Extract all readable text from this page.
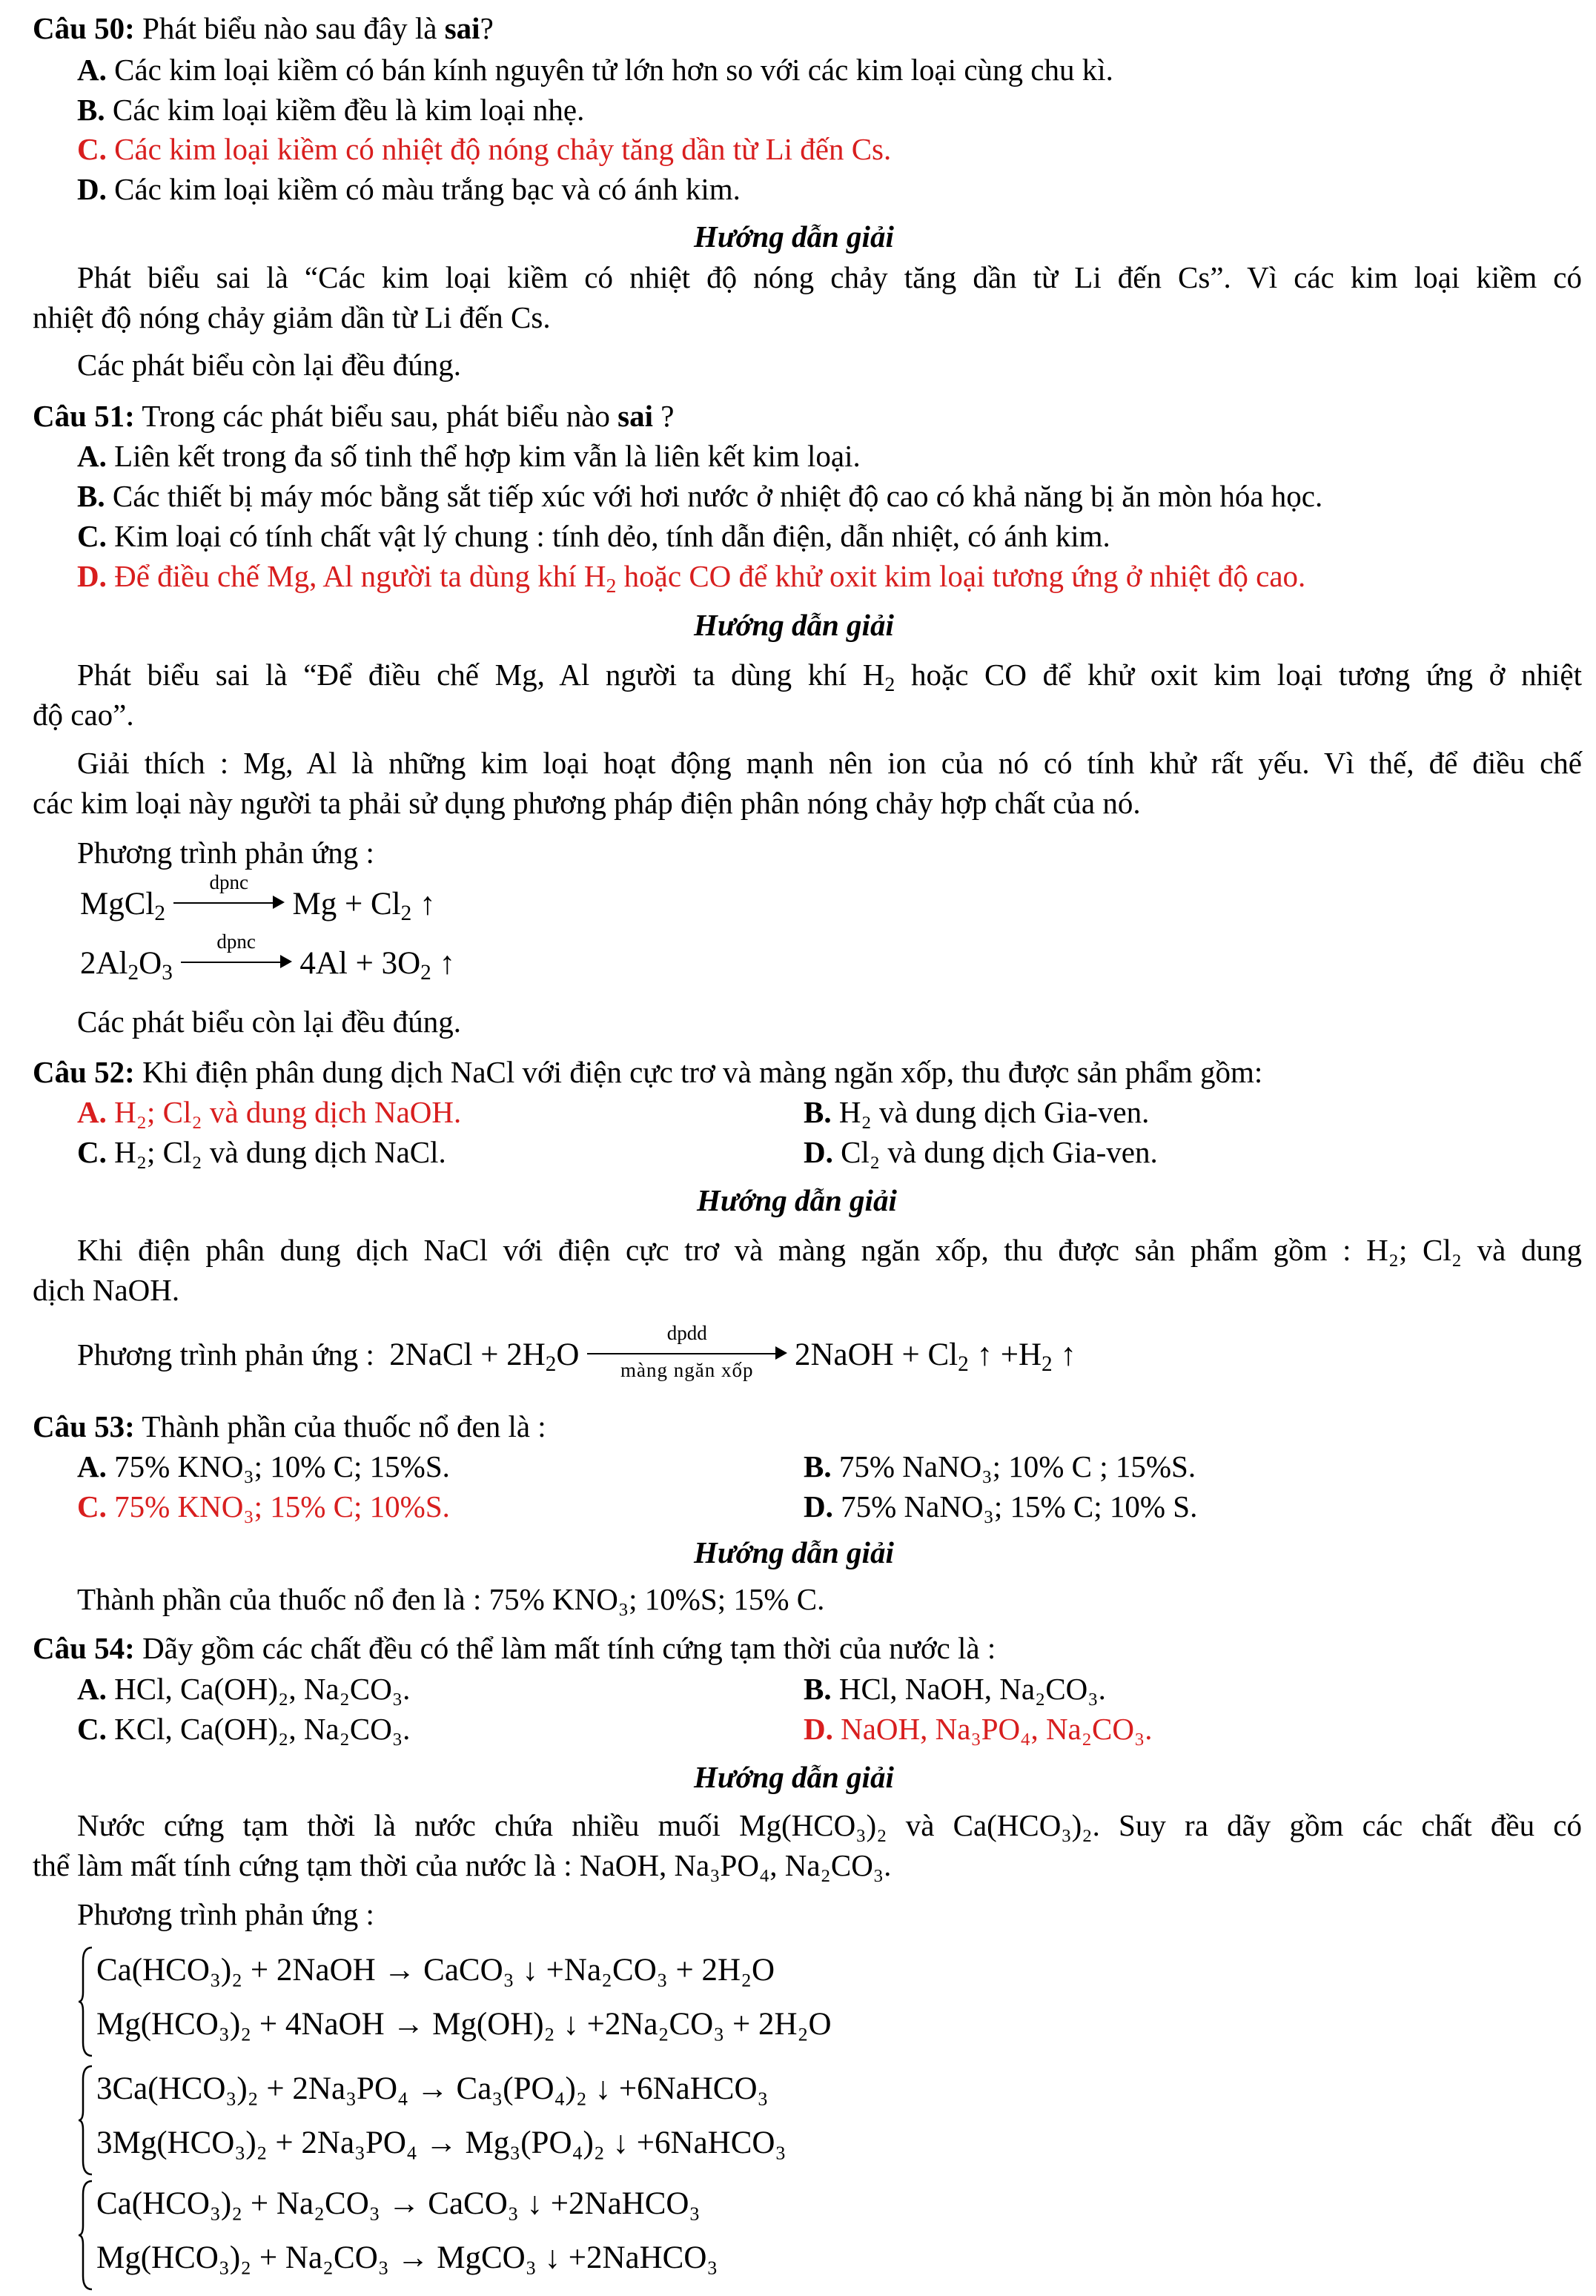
Câu 50: Phát biểu nào sau đây là sai?
A. Các kim loại kiềm có bán kính nguyên tử lớn hơn so với các kim loại cùng chu kì.
B. Các kim loại kiềm đều là kim loại nhẹ.
C. Các kim loại kiềm có nhiệt độ nóng chảy tăng dần từ Li đến Cs.
D. Các kim loại kiềm có màu trắng bạc và có ánh kim.
Hướng dẫn giải
Phát biểu sai là “Các kim loại kiềm có nhiệt độ nóng chảy tăng dần từ Li đến Cs”. Vì các kim loại kiềm có
nhiệt độ nóng chảy giảm dần từ Li đến Cs.
Các phát biểu còn lại đều đúng.
Câu 51: Trong các phát biểu sau, phát biểu nào sai ?
A. Liên kết trong đa số tinh thể hợp kim vẫn là liên kết kim loại.
B. Các thiết bị máy móc bằng sắt tiếp xúc với hơi nước ở nhiệt độ cao có khả năng bị ăn mòn hóa học.
C. Kim loại có tính chất vật lý chung : tính dẻo, tính dẫn điện, dẫn nhiệt, có ánh kim.
D. Để điều chế Mg, Al người ta dùng khí $H_2$ hoặc CO để khử oxit kim loại tương ứng ở nhiệt độ cao.
Hướng dẫn giải
Phát biểu sai là “Để điều chế Mg, Al người ta dùng khí $H_2$ hoặc CO để khử oxit kim loại tương ứng ở nhiệt
độ cao”.
Giải thích : Mg, Al là những kim loại hoạt động mạnh nên ion của nó có tính khử rất yếu. Vì thế, để điều chế
các kim loại này người ta phải sử dụng phương pháp điện phân nóng chảy hợp chất của nó.
Phương trình phản ứng :
MgCl$_2$
dpnc
$Mg + Cl_2$ ↑
$2Al_2O_3$
dpnc
$4Al + 3O_2$ ↑
Các phát biểu còn lại đều đúng.
Câu 52: Khi điện phân dung dịch NaCl với điện cực trơ và màng ngăn xốp, thu được sản phẩm gồm:
A. H₂; Cl₂ và dung dịch NaOH.	B. H₂ và dung dịch Gia-ven.
C. H₂; Cl₂ và dung dịch NaCl.	D. Cl₂ và dung dịch Gia-ven.
Hướng dẫn giải
Khi điện phân dung dịch NaCl với điện cực trơ và màng ngăn xốp, thu được sản phẩm gồm : H₂; Cl₂ và dung
dịch NaOH.
Phương trình phản ứng : 2NaCl + $2H_2O$
dpdd
màng ngăn xốp	2NaOH + $Cl_2$ ↑ $+H_2$ ↑
Câu 53: Thành phần của thuốc nổ đen là :
A. 75% KNO₃; 10% C; 15%S.	B. 75% NaNO₃; 10% C ; 15%S.
C. 75% KNO₃; 15% C; 10%S.	D. 75% NaNO₃; 15% C; 10% S.
Hướng dẫn giải
Thành phần của thuốc nổ đen là : 75% KNO₃; 10%S; 15% C.
Câu 54: Dãy gồm các chất đều có thể làm mất tính cứng tạm thời của nước là :
A. HCl, Ca(OH)₂, Na₂CO₃.	B. HCl, NaOH, Na₂CO₃.
C. KCl, Ca(OH)₂, Na₂CO₃.	D. NaOH, Na₃PO₄, Na₂CO₃.
Hướng dẫn giải
Nước cứng tạm thời là nước chứa nhiều muối Mg(HCO₃)₂ và Ca(HCO₃)₂. Suy ra dãy gồm các chất đều có
thể làm mất tính cứng tạm thời của nước là : NaOH, Na₃PO₄, Na₂CO₃.
Phương trình phản ứng :
Ca(HCO₃)₂ + 2NaOH → CaCO₃ ↓ +Na₂CO₃ + 2H₂O
Mg(HCO₃)₂ + 4NaOH → Mg(OH)₂ ↓ +2Na₂CO₃ + 2H₂O
3Ca(HCO₃)₂ + 2Na₃PO₄ → Ca₃(PO₄)₂ ↓ +6NaHCO₃
3Mg(HCO₃)₂ + 2Na₃PO₄ → Mg₃(PO₄)₂ ↓ +6NaHCO₃
Ca(HCO₃)₂ + Na₂CO₃ → CaCO₃ ↓ +2NaHCO₃
Mg(HCO₃)₂ + Na₂CO₃ → MgCO₃ ↓ +2NaHCO₃
